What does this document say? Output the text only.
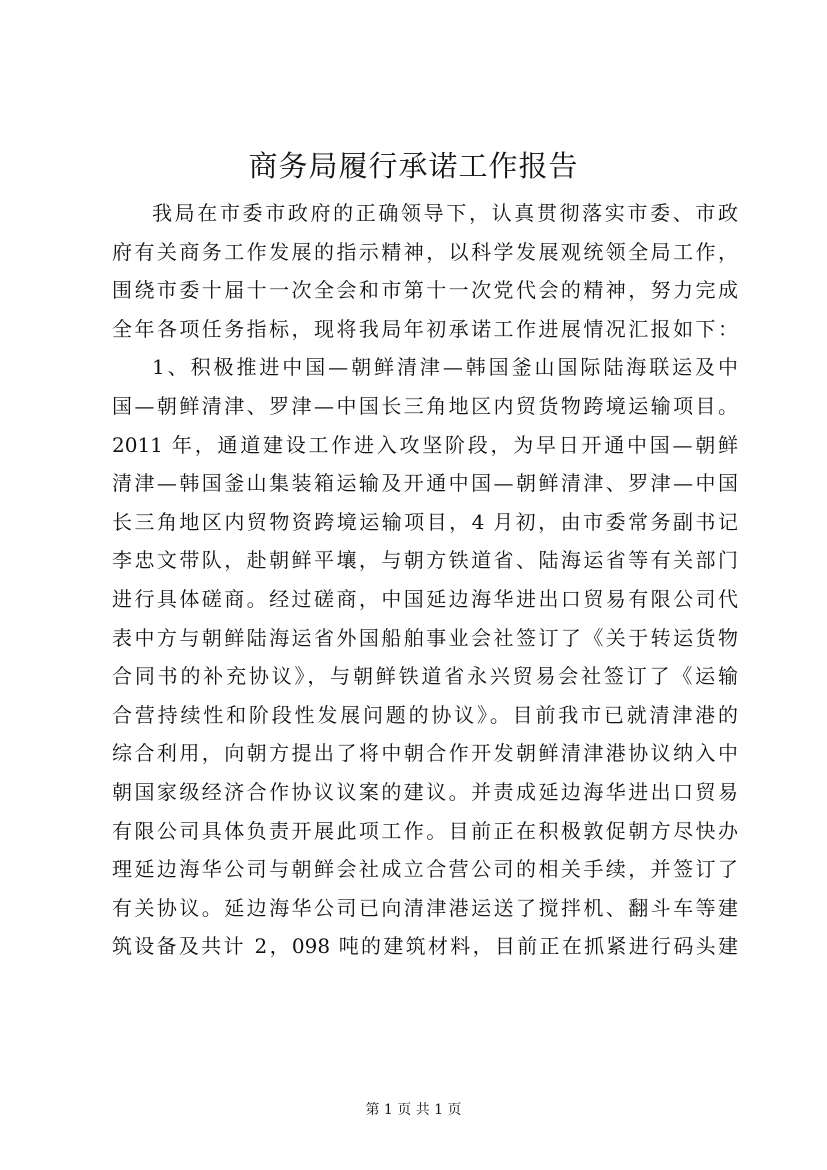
商务局履行承诺工作报告
我局在市委市政府的正确领导下，认真贯彻落实市委、市政
府有关商务工作发展的指示精神，以科学发展观统领全局工作，
围绕市委十届十一次全会和市第十一次党代会的精神，努力完成
全年各项任务指标，现将我局年初承诺工作进展情况汇报如下：
1、积极推进中国—朝鲜清津—韩国釜山国际陆海联运及中
国—朝鲜清津、罗津—中国长三角地区内贸货物跨境运输项目。
2011 年，通道建设工作进入攻坚阶段，为早日开通中国—朝鲜
清津—韩国釜山集装箱运输及开通中国—朝鲜清津、罗津—中国
长三角地区内贸物资跨境运输项目，4 月初，由市委常务副书记
李忠文带队，赴朝鲜平壤，与朝方铁道省、陆海运省等有关部门
进行具体磋商。经过磋商，中国延边海华进出口贸易有限公司代
表中方与朝鲜陆海运省外国船舶事业会社签订了《关于转运货物
合同书的补充协议》，与朝鲜铁道省永兴贸易会社签订了《运输
合营持续性和阶段性发展问题的协议》。目前我市已就清津港的
综合利用，向朝方提出了将中朝合作开发朝鲜清津港协议纳入中
朝国家级经济合作协议议案的建议。并责成延边海华进出口贸易
有限公司具体负责开展此项工作。目前正在积极敦促朝方尽快办
理延边海华公司与朝鲜会社成立合营公司的相关手续，并签订了
有关协议。延边海华公司已向清津港运送了搅拌机、翻斗车等建
筑设备及共计 2，098 吨的建筑材料，目前正在抓紧进行码头建
第 1 页 共 1 页
